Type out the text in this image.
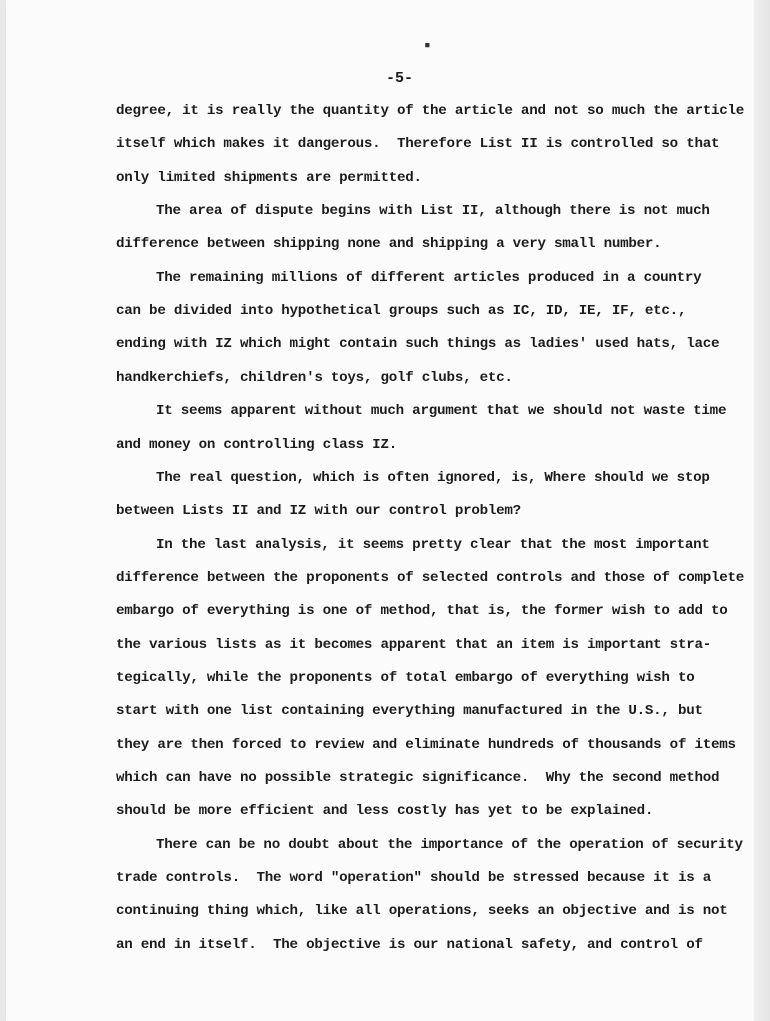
▪
-5-
degree, it is really the quantity of the article and not so much the article
itself which makes it dangerous.  Therefore List II is controlled so that
only limited shipments are permitted.
The area of dispute begins with List II, although there is not much
difference between shipping none and shipping a very small number.
The remaining millions of different articles produced in a country
can be divided into hypothetical groups such as IC, ID, IE, IF, etc.,
ending with IZ which might contain such things as ladies' used hats, lace
handkerchiefs, children's toys, golf clubs, etc.
It seems apparent without much argument that we should not waste time
and money on controlling class IZ.
The real question, which is often ignored, is, Where should we stop
between Lists II and IZ with our control problem?
In the last analysis, it seems pretty clear that the most important
difference between the proponents of selected controls and those of complete
embargo of everything is one of method, that is, the former wish to add to
the various lists as it becomes apparent that an item is important stra-
tegically, while the proponents of total embargo of everything wish to
start with one list containing everything manufactured in the U.S., but
they are then forced to review and eliminate hundreds of thousands of items
which can have no possible strategic significance.  Why the second method
should be more efficient and less costly has yet to be explained.
There can be no doubt about the importance of the operation of security
trade controls.  The word "operation" should be stressed because it is a
continuing thing which, like all operations, seeks an objective and is not
an end in itself.  The objective is our national safety, and control of
